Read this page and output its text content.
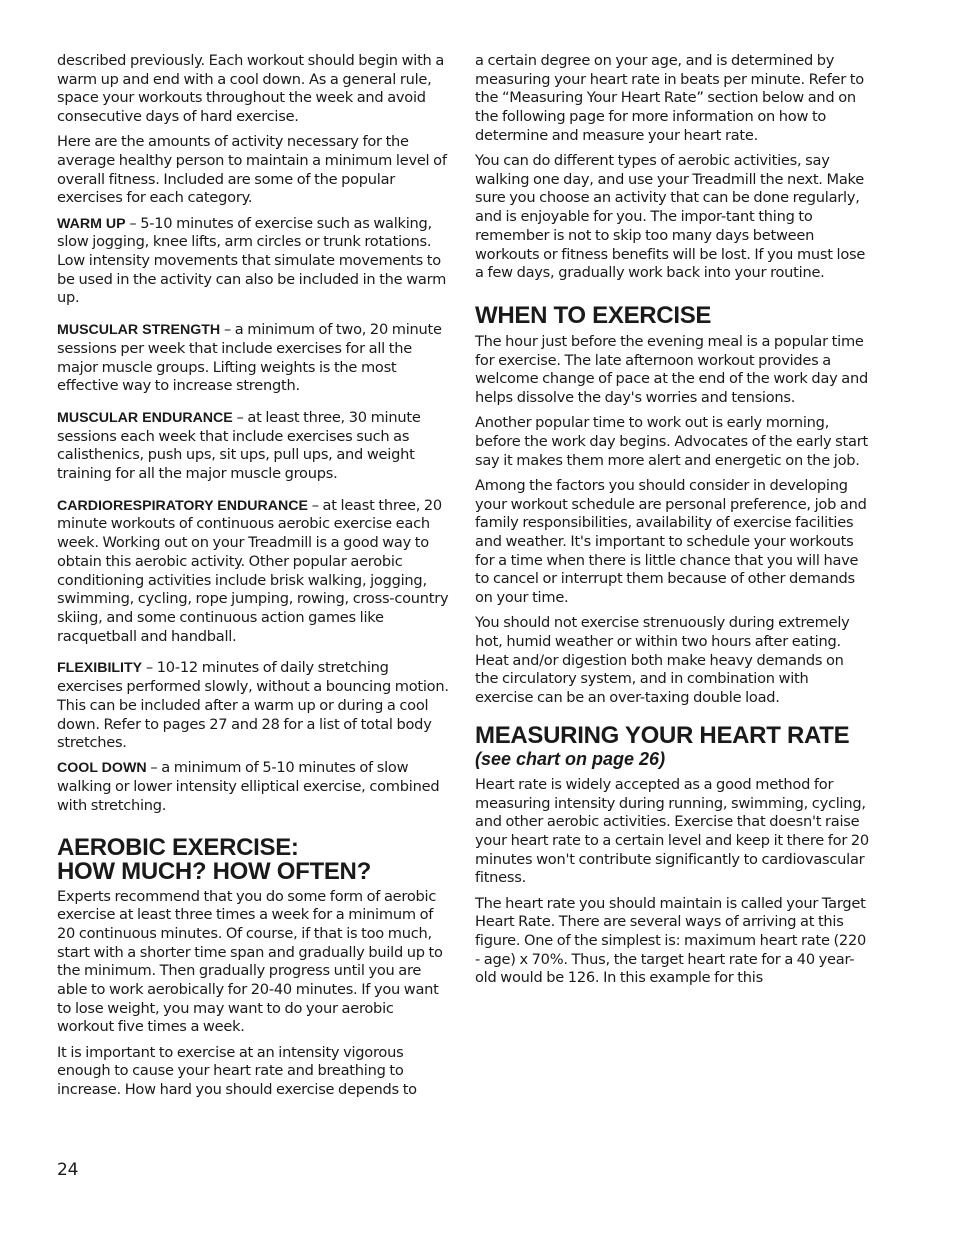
described previously. Each workout should begin with a warm up and end with a cool down. As a general rule, space your workouts throughout the week and avoid consecutive days of hard exercise.

Here are the amounts of activity necessary for the average healthy person to maintain a minimum level of overall fitness. Included are some of the popular exercises for each category.

WARM UP – 5-10 minutes of exercise such as walking, slow jogging, knee lifts, arm circles or trunk rotations. Low intensity movements that simulate movements to be used in the activity can also be included in the warm up.

MUSCULAR STRENGTH – a minimum of two, 20 minute sessions per week that include exercises for all the major muscle groups. Lifting weights is the most effective way to increase strength.

MUSCULAR ENDURANCE – at least three, 30 minute sessions each week that include exercises such as calisthenics, push ups, sit ups, pull ups, and weight training for all the major muscle groups.

CARDIORESPIRATORY ENDURANCE – at least three, 20 minute workouts of continuous aerobic exercise each week. Working out on your Treadmill is a good way to obtain this aerobic activity. Other popular aerobic conditioning activities include brisk walking, jogging, swimming, cycling, rope jumping, rowing, cross-country skiing, and some continuous action games like racquetball and handball.

FLEXIBILITY – 10-12 minutes of daily stretching exercises performed slowly, without a bouncing motion. This can be included after a warm up or during a cool down. Refer to pages 27 and 28 for a list of total body stretches.

COOL DOWN – a minimum of 5-10 minutes of slow walking or lower intensity elliptical exercise, combined with stretching.

AEROBIC EXERCISE:
HOW MUCH? HOW OFTEN?

Experts recommend that you do some form of aerobic exercise at least three times a week for a minimum of 20 continuous minutes. Of course, if that is too much, start with a shorter time span and gradually build up to the minimum. Then gradually progress until you are able to work aerobically for 20-40 minutes. If you want to lose weight, you may want to do your aerobic workout five times a week.

It is important to exercise at an intensity vigorous enough to cause your heart rate and breathing to increase. How hard you should exercise depends to

a certain degree on your age, and is determined by measuring your heart rate in beats per minute. Refer to the “Measuring Your Heart Rate” section below and on the following page for more information on how to determine and measure your heart rate.

You can do different types of aerobic activities, say walking one day, and use your Treadmill the next. Make sure you choose an activity that can be done regularly, and is enjoyable for you. The impor-tant thing to remember is not to skip too many days between workouts or fitness benefits will be lost. If you must lose a few days, gradually work back into your routine.

WHEN TO EXERCISE

The hour just before the evening meal is a popular time for exercise. The late afternoon workout provides a welcome change of pace at the end of the work day and helps dissolve the day's worries and tensions.

Another popular time to work out is early morning, before the work day begins. Advocates of the early start say it makes them more alert and energetic on the job.

Among the factors you should consider in developing your workout schedule are personal preference, job and family responsibilities, availability of exercise facilities and weather. It's important to schedule your workouts for a time when there is little chance that you will have to cancel or interrupt them because of other demands on your time.

You should not exercise strenuously during extremely hot, humid weather or within two hours after eating. Heat and/or digestion both make heavy demands on the circulatory system, and in combination with exercise can be an over-taxing double load.

MEASURING YOUR HEART RATE
(see chart on page 26)

Heart rate is widely accepted as a good method for measuring intensity during running, swimming, cycling, and other aerobic activities. Exercise that doesn't raise your heart rate to a certain level and keep it there for 20 minutes won't contribute significantly to cardiovascular fitness.

The heart rate you should maintain is called your Target Heart Rate. There are several ways of arriving at this figure. One of the simplest is: maximum heart rate (220 - age) x 70%. Thus, the target heart rate for a 40 year-old would be 126. In this example for this

24
